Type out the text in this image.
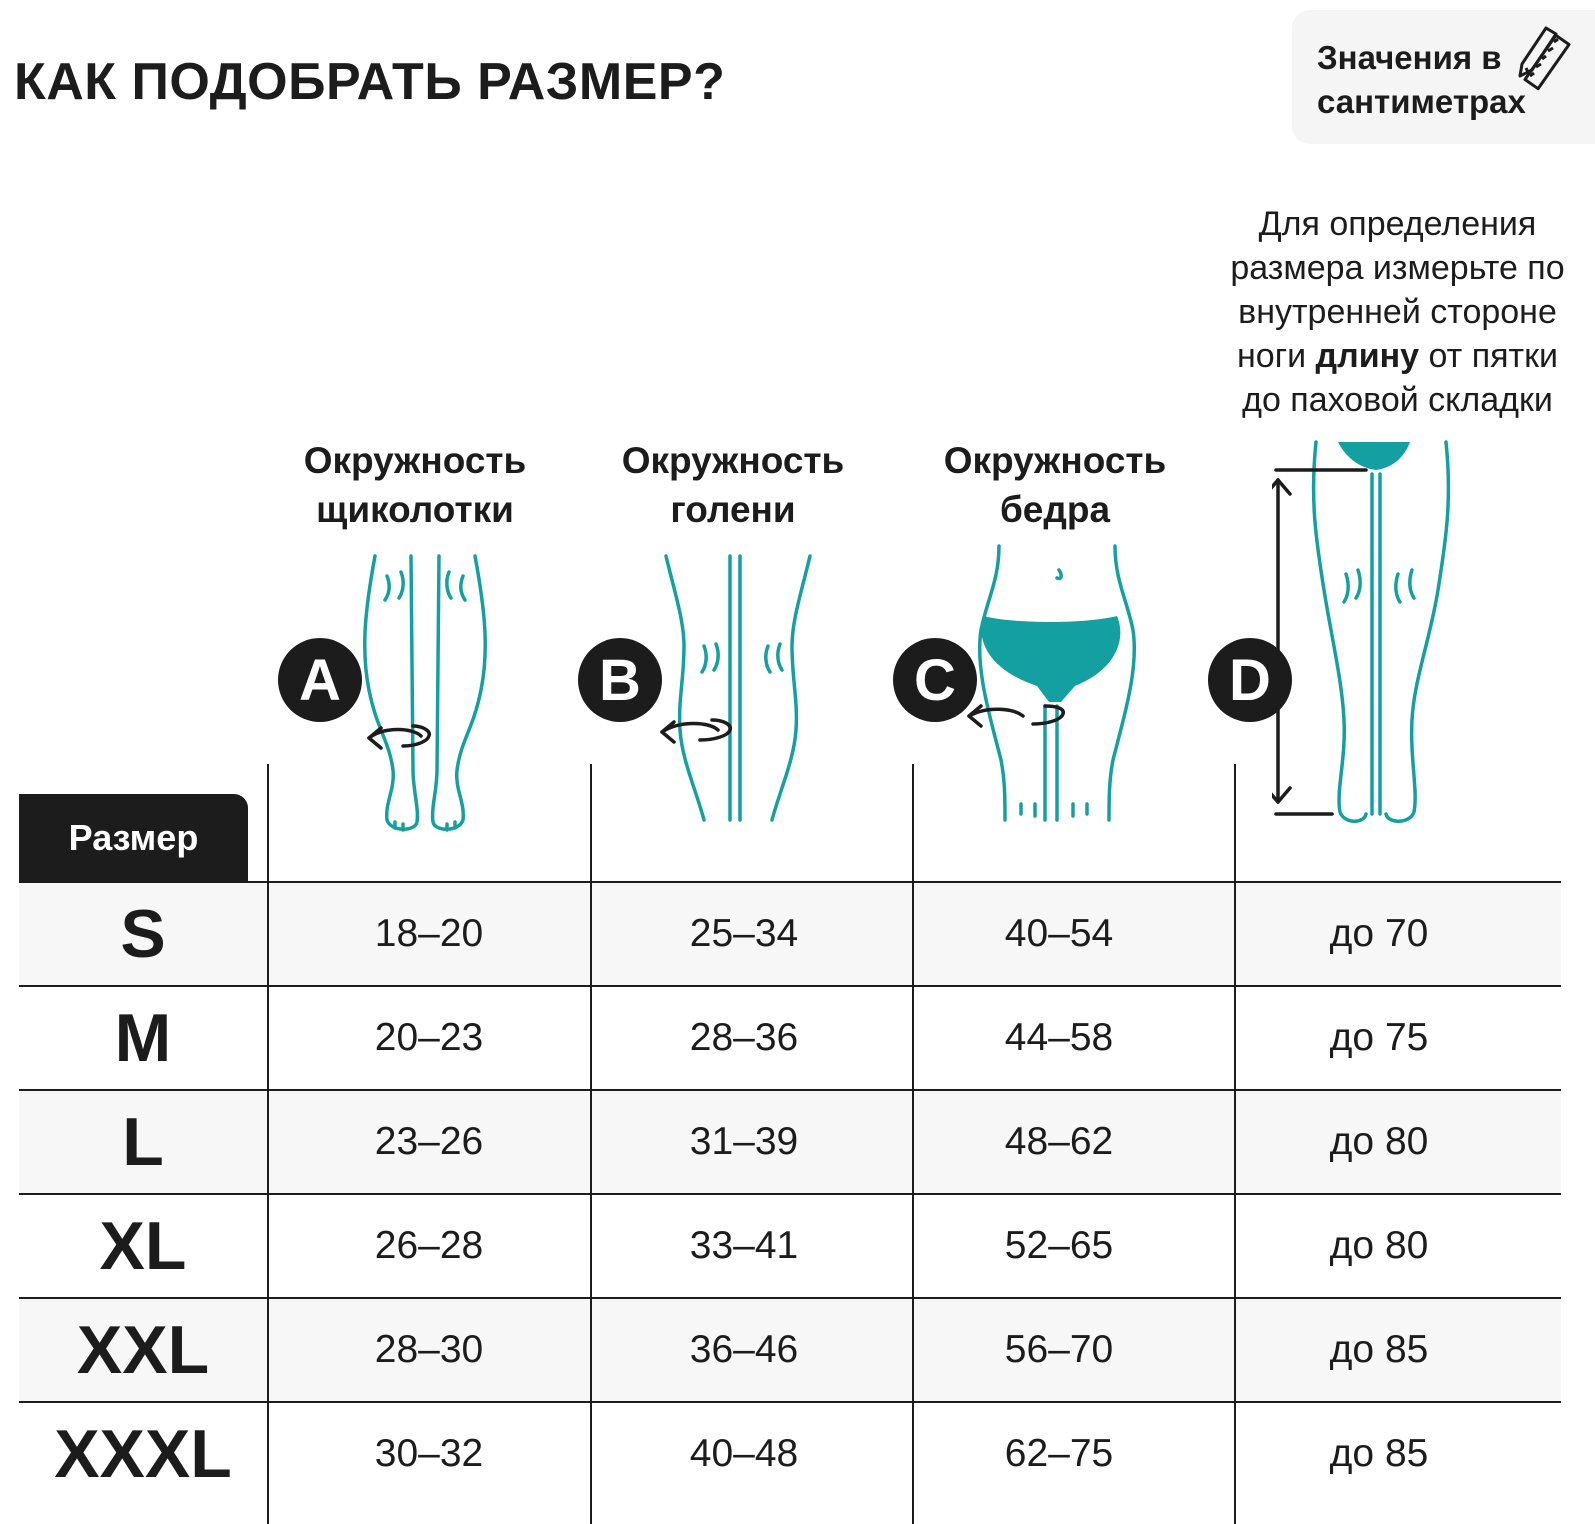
КАК ПОДОБРАТЬ РАЗМЕР?	Значения в
сантиметрах
Для определения
размера измерьте по
внутренней стороне
ноги длину от пятки
до паховой складки
Окружность
щиколотки
Окружность
голени
Окружность
бедра
A	B	C	D
Размер
S	18–20	25–34	40–54	до 70
M	20–23	28–36	44–58	до 75
L	23–26	31–39	48–62	до 80
XL	26–28	33–41	52–65	до 80
XXL	28–30	36–46	56–70	до 85
XXXL	30–32	40–48	62–75	до 85
